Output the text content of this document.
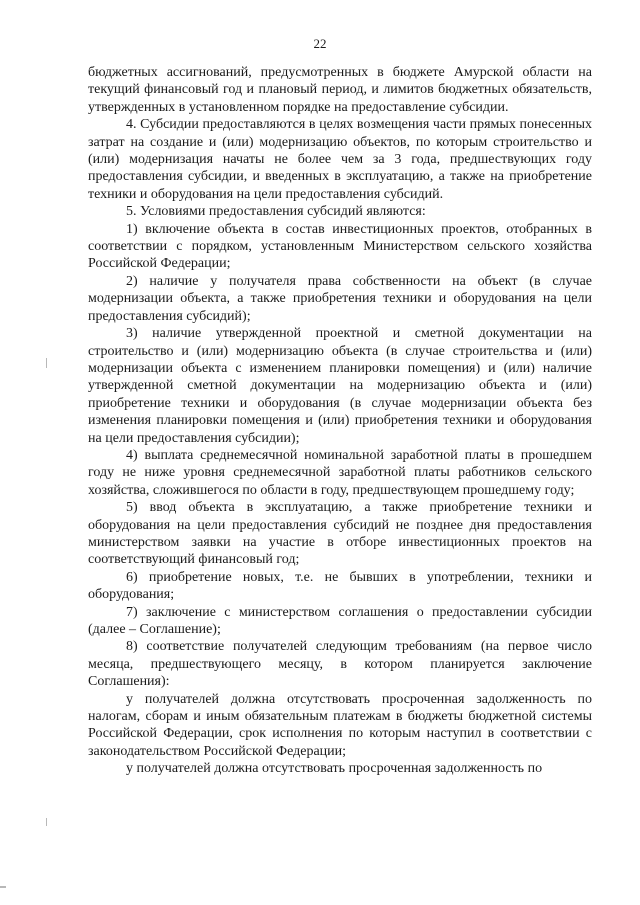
22

бюджетных ассигнований, предусмотренных в бюджете Амурской области на текущий финансовый год и плановый период, и лимитов бюджетных обязательств, утвержденных в установленном порядке на предоставление субсидии.

4. Субсидии предоставляются в целях возмещения части прямых понесенных затрат на создание и (или) модернизацию объектов, по которым строительство и (или) модернизация начаты не более чем за 3 года, предшествующих году предоставления субсидии, и введенных в эксплуатацию, а также на приобретение техники и оборудования на цели предоставления субсидий.

5. Условиями предоставления субсидий являются:

1) включение объекта в состав инвестиционных проектов, отобранных в соответствии с порядком, установленным Министерством сельского хозяйства Российской Федерации;

2) наличие у получателя права собственности на объект (в случае модернизации объекта, а также приобретения техники и оборудования на цели предоставления субсидий);

3) наличие утвержденной проектной и сметной документации на строительство и (или) модернизацию объекта (в случае строительства и (или) модернизации объекта с изменением планировки помещения) и (или) наличие утвержденной сметной документации на модернизацию объекта и (или) приобретение техники и оборудования (в случае модернизации объекта без изменения планировки помещения и (или) приобретения техники и оборудования на цели предоставления субсидии);

4) выплата среднемесячной номинальной заработной платы в прошедшем году не ниже уровня среднемесячной заработной платы работников сельского хозяйства, сложившегося по области в году, предшествующем прошедшему году;

5) ввод объекта в эксплуатацию, а также приобретение техники и оборудования на цели предоставления субсидий не позднее дня предоставления министерством заявки на участие в отборе инвестиционных проектов на соответствующий финансовый год;

6) приобретение новых, т.е. не бывших в употреблении, техники и оборудования;

7) заключение с министерством соглашения о предоставлении субсидии (далее – Соглашение);

8) соответствие получателей следующим требованиям (на первое число месяца, предшествующего месяцу, в котором планируется заключение Соглашения):

у получателей должна отсутствовать просроченная задолженность по налогам, сборам и иным обязательным платежам в бюджеты бюджетной системы Российской Федерации, срок исполнения по которым наступил в соответствии с законодательством Российской Федерации;

у получателей должна отсутствовать просроченная задолженность по
